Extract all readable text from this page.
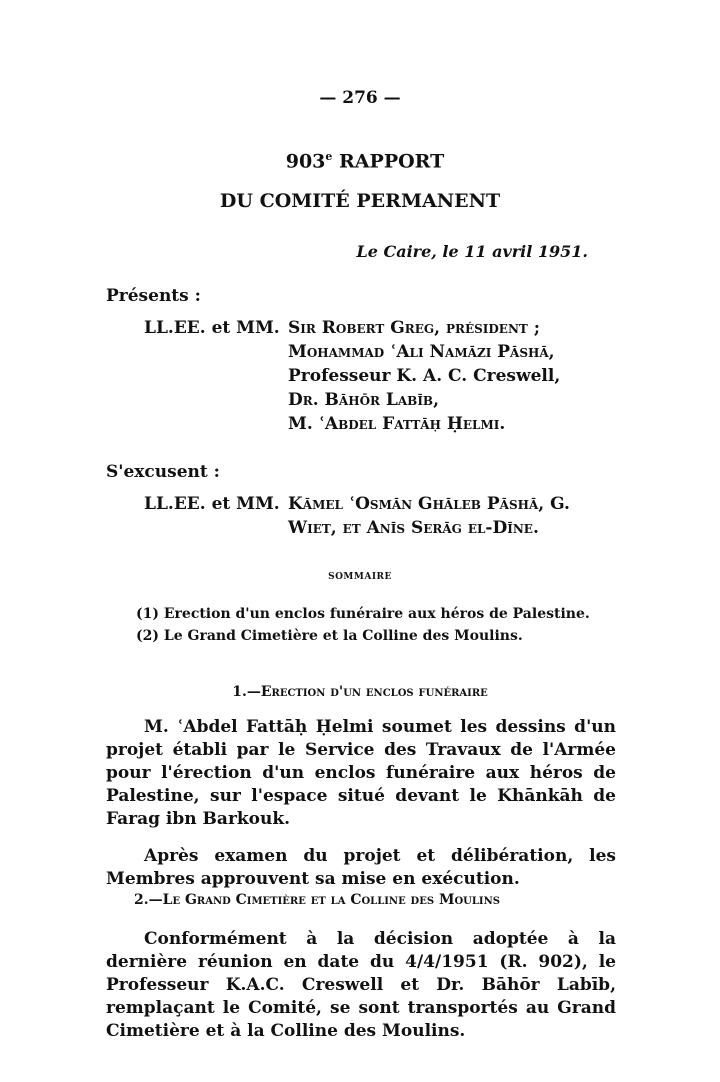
— 276 —
903e RAPPORT
DU COMITÉ PERMANENT
Le Caire, le 11 avril 1951.
Présents :
LL.EE. et MM. Sir Robert Greg, président ;
Mohammad ʿAli Namāzi Pāshā,
Professeur K. A. C. Creswell,
Dr. Bāhōr Labīb,
M. ʿAbdel Fattāḥ Ḥelmi.
S'excusent :
LL.EE. et MM. Kāmel ʿOsmān Ghāleb Pāshā, G.
Wiet, et Anīs Serāg el-Dīne.
SOMMAIRE
(1) Erection d'un enclos funéraire aux héros de Palestine.
(2) Le Grand Cimetière et la Colline des Moulins.
1.—Erection d'un enclos funéraire

M. ʿAbdel Fattāḥ Ḥelmi soumet les dessins d'un projet établi par le Service des Travaux de l'Armée pour l'érection d'un enclos funéraire aux héros de Palestine, sur l'espace situé devant le Khānkāh de Farag ibn Barkouk.

Après examen du projet et délibération, les Membres approuvent sa mise en exécution.

2.—Le Grand Cimetière et la Colline des Moulins

Conformément à la décision adoptée à la dernière réunion en date du 4/4/1951 (R. 902), le Professeur K.A.C. Creswell et Dr. Bāhōr Labīb, remplaçant le Comité, se sont transportés au Grand Cimetière et à la Colline des Moulins.
